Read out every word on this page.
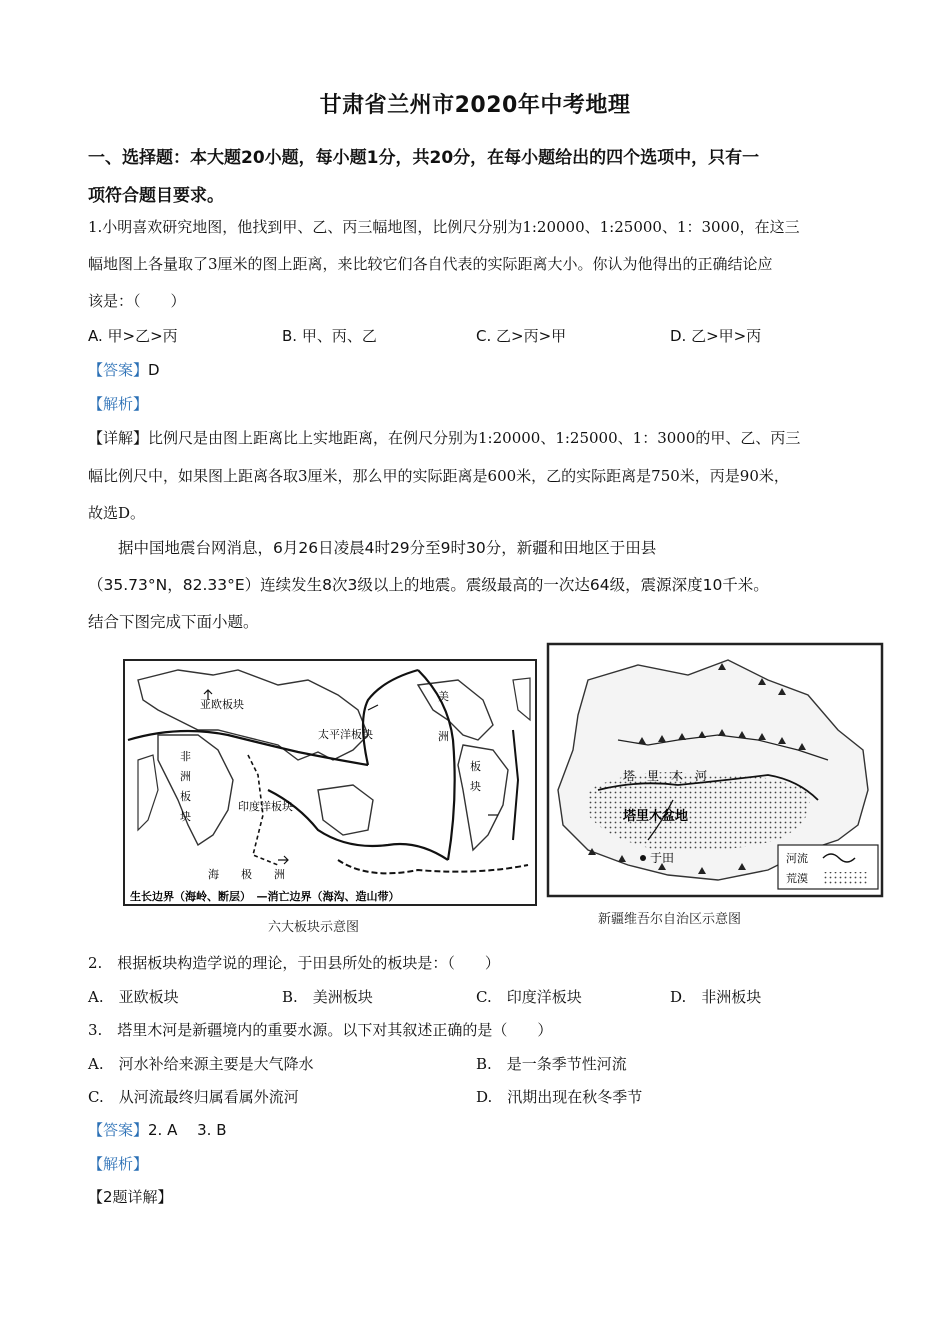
甘肃省兰州市2020年中考地理
一、选择题：本大题20小题，每小题1分，共20分，在每小题给出的四个选项中，只有一
项符合题目要求。
1.小明喜欢研究地图，他找到甲、乙、丙三幅地图，比例尺分别为1:20000、1:25000、1：3000，在这三
幅地图上各量取了3厘米的图上距离，来比较它们各自代表的实际距离大小。你认为他得出的正确结论应
该是：（　　）
A. 甲>乙>丙	B. 甲、丙、乙	C. 乙>丙>甲	D. 乙>甲>丙
【答案】D
【解析】
【详解】比例尺是由图上距离比上实地距离，在例尺分别为1:20000、1:25000、1：3000的甲、乙、丙三
幅比例尺中，如果图上距离各取3厘米，那么甲的实际距离是600米，乙的实际距离是750米，丙是90米，
故选D。
据中国地震台网消息，6月26日凌晨4时29分至9时30分，新疆和田地区于田县
（35.73°N，82.33°E）连续发生8次3级以上的地震。震级最高的一次达64级，震源深度10千米。
结合下图完成下面小题。
亚欧板块
非
洲
板
块
印度洋板块
太平洋板块
美
洲
板
块
海　　极　　洲
生长边界（海岭、断层）　—消亡边界（海沟、造山带）
塔　里　木　河
塔里木盆地
于田	河流
荒漠
六大板块示意图
新疆维吾尔自治区示意图
2.　根据板块构造学说的理论，于田县所处的板块是：（　　）
A.　亚欧板块	B.　美洲板块	C.　印度洋板块	D.　非洲板块
3.　塔里木河是新疆境内的重要水源。以下对其叙述正确的是（　　）
A.　河水补给来源主要是大气降水	B.　是一条季节性河流
C.　从河流最终归属看属外流河	D.　汛期出现在秋冬季节
【答案】2. A　 3. B
【解析】
【2题详解】
